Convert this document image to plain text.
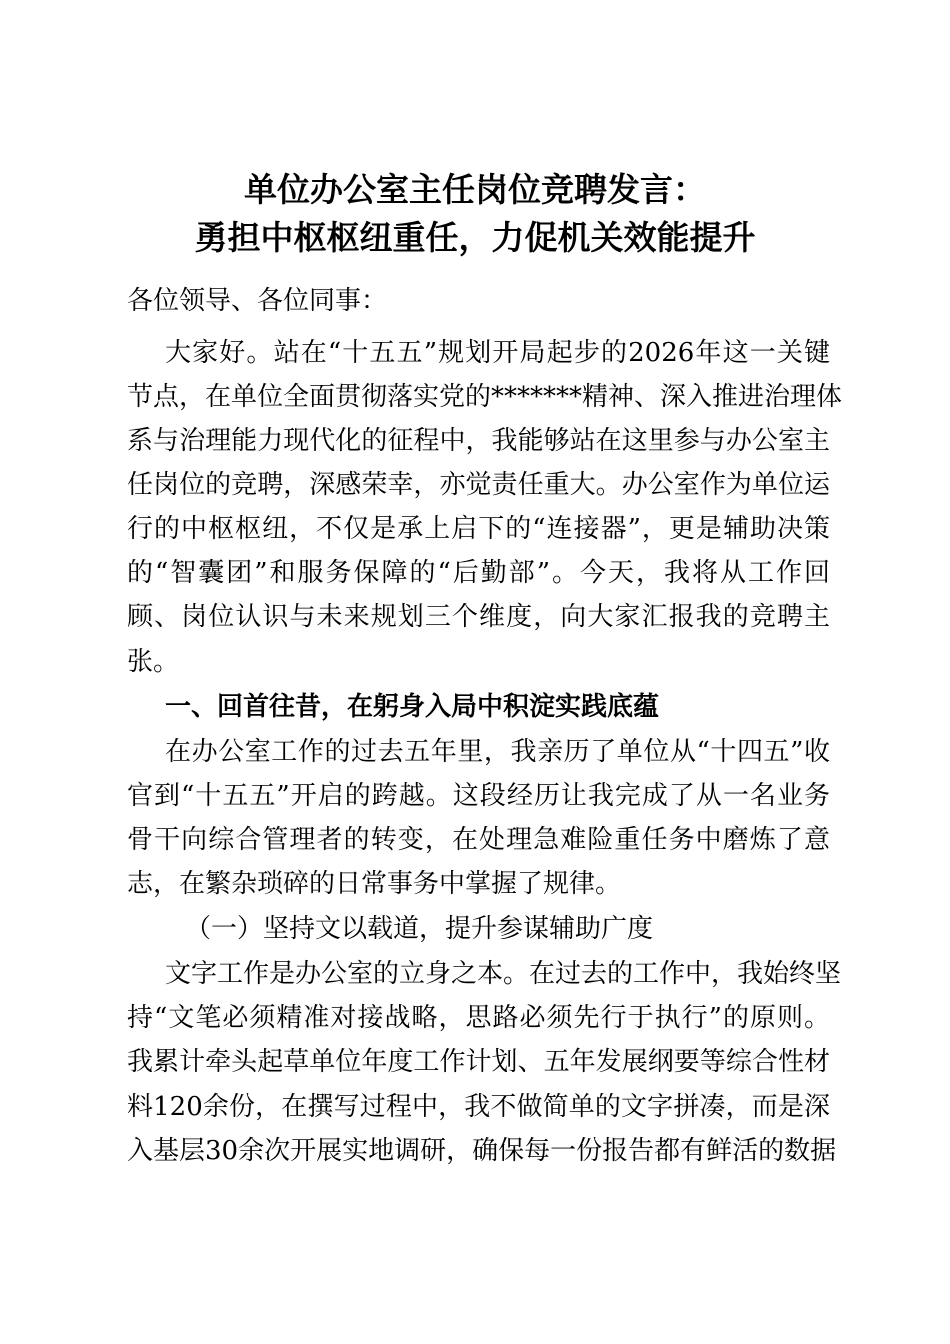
单位办公室主任岗位竞聘发言：
勇担中枢枢纽重任，力促机关效能提升
各位领导、各位同事：
大家好。站在“十五五”规划开局起步的2026年这一关键
节点，在单位全面贯彻落实党的*******精神、深入推进治理体
系与治理能力现代化的征程中，我能够站在这里参与办公室主
任岗位的竞聘，深感荣幸，亦觉责任重大。办公室作为单位运
行的中枢枢纽，不仅是承上启下的“连接器”，更是辅助决策
的“智囊团”和服务保障的“后勤部”。今天，我将从工作回
顾、岗位认识与未来规划三个维度，向大家汇报我的竞聘主
张。
一、回首往昔，在躬身入局中积淀实践底蕴
在办公室工作的过去五年里，我亲历了单位从“十四五”收
官到“十五五”开启的跨越。这段经历让我完成了从一名业务
骨干向综合管理者的转变，在处理急难险重任务中磨炼了意
志，在繁杂琐碎的日常事务中掌握了规律。
（一）坚持文以载道，提升参谋辅助广度
文字工作是办公室的立身之本。在过去的工作中，我始终坚
持“文笔必须精准对接战略，思路必须先行于执行”的原则。
我累计牵头起草单位年度工作计划、五年发展纲要等综合性材
料120余份，在撰写过程中，我不做简单的文字拼凑，而是深
入基层30余次开展实地调研，确保每一份报告都有鲜活的数据
